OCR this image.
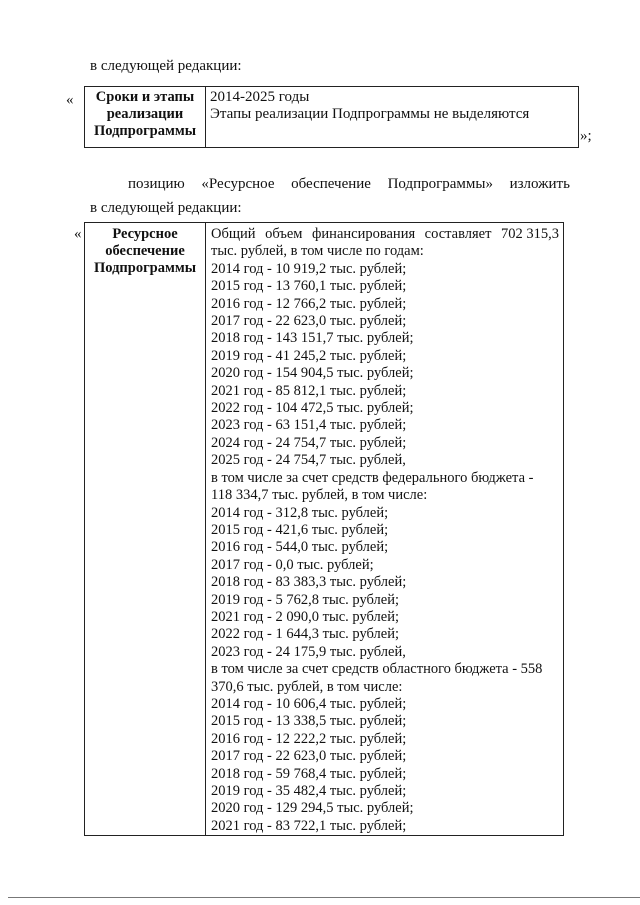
в следующей редакции:
«	Сроки и этапы
реализации
Подпрограммы

2014-2025 годы
Этапы реализации Подпрограммы не выделяются
»;
позицию «Ресурсное обеспечение Подпрограммы» изложить
в следующей редакции:
«	Ресурсное
обеспечение
Подпрограммы

Общий объем финансирования составляет 702 315,3
тыс. рублей, в том числе по годам:
2014 год - 10 919,2 тыс. рублей;
2015 год - 13 760,1 тыс. рублей;
2016 год - 12 766,2 тыс. рублей;
2017 год - 22 623,0 тыс. рублей;
2018 год - 143 151,7 тыс. рублей;
2019 год - 41 245,2 тыс. рублей;
2020 год - 154 904,5 тыс. рублей;
2021 год - 85 812,1 тыс. рублей;
2022 год - 104 472,5 тыс. рублей;
2023 год - 63 151,4 тыс. рублей;
2024 год - 24 754,7 тыс. рублей;
2025 год - 24 754,7 тыс. рублей,
в том числе за счет средств федерального бюджета -
118 334,7 тыс. рублей, в том числе:
2014 год - 312,8 тыс. рублей;
2015 год - 421,6 тыс. рублей;
2016 год - 544,0 тыс. рублей;
2017 год - 0,0 тыс. рублей;
2018 год - 83 383,3 тыс. рублей;
2019 год - 5 762,8 тыс. рублей;
2021 год - 2 090,0 тыс. рублей;
2022 год - 1 644,3 тыс. рублей;
2023 год - 24 175,9 тыс. рублей,
в том числе за счет средств областного бюджета - 558
370,6 тыс. рублей, в том числе:
2014 год - 10 606,4 тыс. рублей;
2015 год - 13 338,5 тыс. рублей;
2016 год - 12 222,2 тыс. рублей;
2017 год - 22 623,0 тыс. рублей;
2018 год - 59 768,4 тыс. рублей;
2019 год - 35 482,4 тыс. рублей;
2020 год - 129 294,5 тыс. рублей;
2021 год - 83 722,1 тыс. рублей;
